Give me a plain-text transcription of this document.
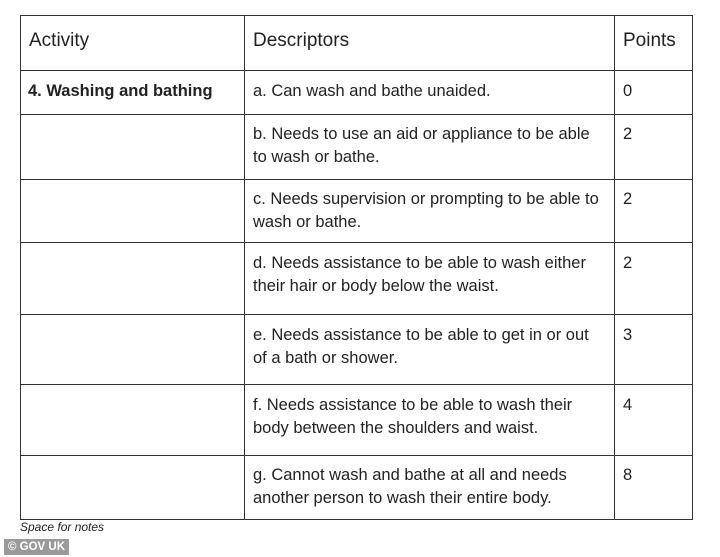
Activity	Descriptors	Points
4. Washing and bathing	a. Can wash and bathe unaided.	0
	b. Needs to use an aid or appliance to be able to wash or bathe.	2
	c. Needs supervision or prompting to be able to wash or bathe.	2
	d. Needs assistance to be able to wash either their hair or body below the waist.	2
	e. Needs assistance to be able to get in or out of a bath or shower.	3
	f. Needs assistance to be able to wash their body between the shoulders and waist.	4
	g. Cannot wash and bathe at all and needs another person to wash their entire body.	8
Space for notes
© GOV UK
